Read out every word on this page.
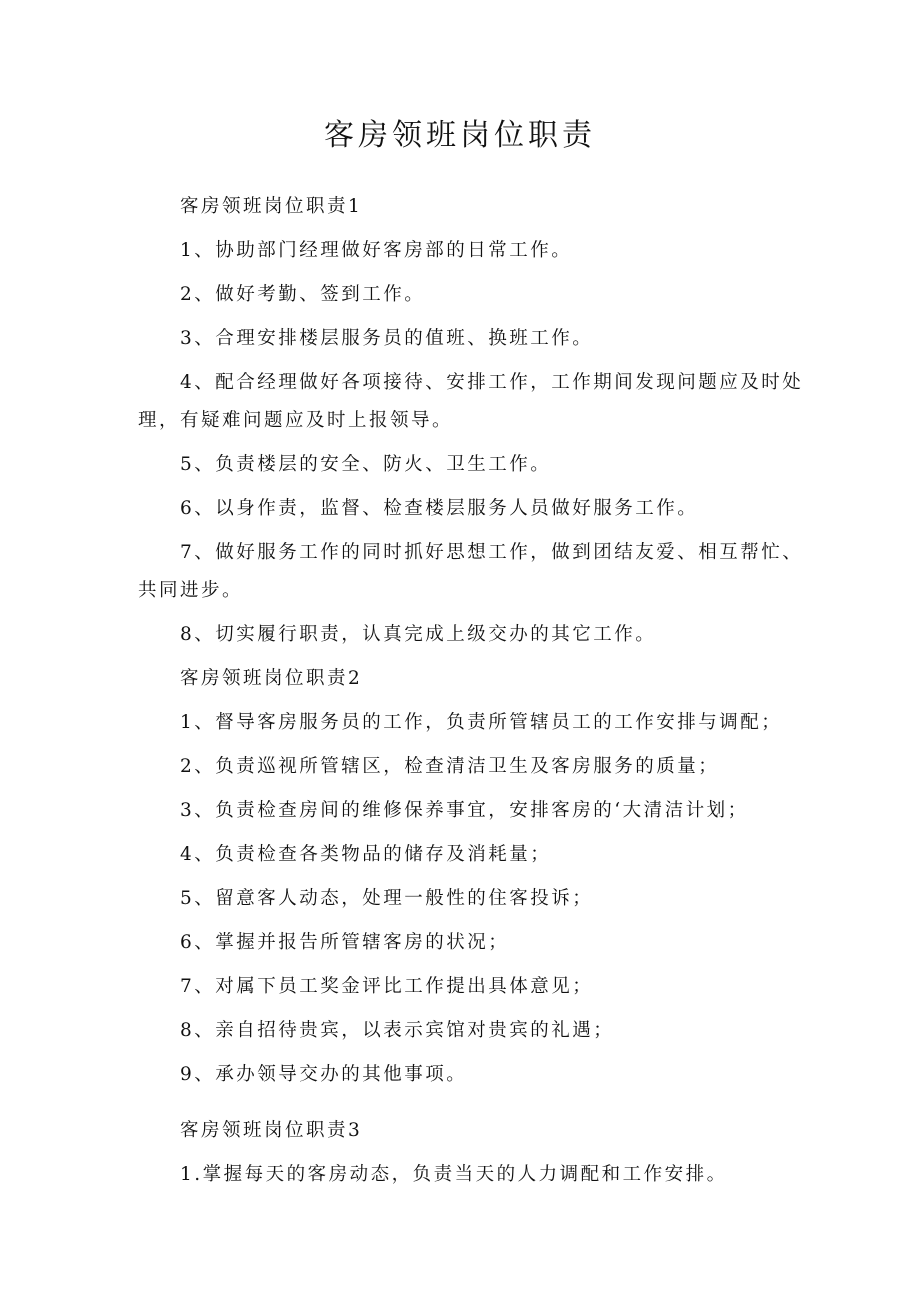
客房领班岗位职责

客房领班岗位职责1

1、协助部门经理做好客房部的日常工作。

2、做好考勤、签到工作。

3、合理安排楼层服务员的值班、换班工作。

4、配合经理做好各项接待、安排工作，工作期间发现问题应及时处

理，有疑难问题应及时上报领导。

5、负责楼层的安全、防火、卫生工作。

6、以身作责，监督、检查楼层服务人员做好服务工作。

7、做好服务工作的同时抓好思想工作，做到团结友爱、相互帮忙、

共同进步。

8、切实履行职责，认真完成上级交办的其它工作。

客房领班岗位职责2

1、督导客房服务员的工作，负责所管辖员工的工作安排与调配；

2、负责巡视所管辖区，检查清洁卫生及客房服务的质量；

3、负责检查房间的维修保养事宜，安排客房的‘大清洁计划；

4、负责检查各类物品的储存及消耗量；

5、留意客人动态，处理一般性的住客投诉；

6、掌握并报告所管辖客房的状况；

7、对属下员工奖金评比工作提出具体意见；

8、亲自招待贵宾，以表示宾馆对贵宾的礼遇；

9、承办领导交办的其他事项。

客房领班岗位职责3

1.掌握每天的客房动态，负责当天的人力调配和工作安排。
